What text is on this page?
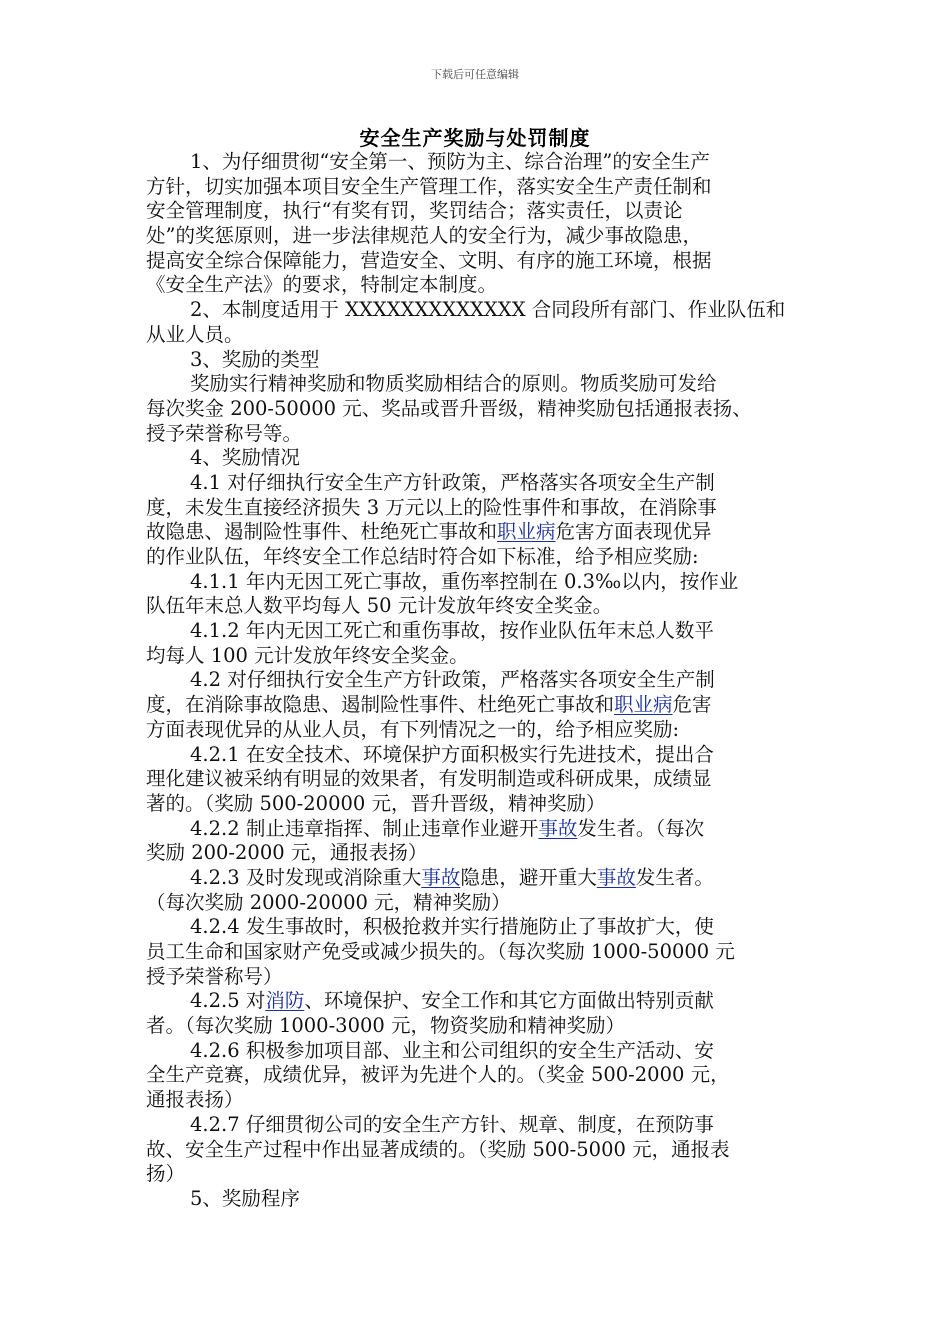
下载后可任意编辑
安全生产奖励与处罚制度
1、为仔细贯彻“安全第一、预防为主、综合治理”的安全生产
方针，切实加强本项目安全生产管理工作，落实安全生产责任制和
安全管理制度，执行“有奖有罚，奖罚结合；落实责任，以责论
处”的奖惩原则，进一步法律规范人的安全行为，减少事故隐患，
提高安全综合保障能力，营造安全、文明、有序的施工环境，根据
《安全生产法》的要求，特制定本制度。
2、本制度适用于 XXXXXXXXXXXXX 合同段所有部门、作业队伍和
从业人员。
3、奖励的类型
奖励实行精神奖励和物质奖励相结合的原则。物质奖励可发给
每次奖金 200-50000 元、奖品或晋升晋级，精神奖励包括通报表扬、
授予荣誉称号等。
4、奖励情况
4.1 对仔细执行安全生产方针政策，严格落实各项安全生产制
度，未发生直接经济损失 3 万元以上的险性事件和事故，在消除事
故隐患、遏制险性事件、杜绝死亡事故和职业病危害方面表现优异
的作业队伍，年终安全工作总结时符合如下标准，给予相应奖励:
4.1.1 年内无因工死亡事故，重伤率控制在 0.3‰以内，按作业
队伍年末总人数平均每人 50 元计发放年终安全奖金。
4.1.2 年内无因工死亡和重伤事故，按作业队伍年末总人数平
均每人 100 元计发放年终安全奖金。
4.2 对仔细执行安全生产方针政策，严格落实各项安全生产制
度，在消除事故隐患、遏制险性事件、杜绝死亡事故和职业病危害
方面表现优异的从业人员，有下列情况之一的，给予相应奖励:
4.2.1 在安全技术、环境保护方面积极实行先进技术，提出合
理化建议被采纳有明显的效果者，有发明制造或科研成果，成绩显
著的。（奖励 500-20000 元，晋升晋级，精神奖励）
4.2.2 制止违章指挥、制止违章作业避开事故发生者。（每次
奖励 200-2000 元，通报表扬）
4.2.3 及时发现或消除重大事故隐患，避开重大事故发生者。
（每次奖励 2000-20000 元，精神奖励）
4.2.4 发生事故时，积极抢救并实行措施防止了事故扩大，使
员工生命和国家财产免受或减少损失的。（每次奖励 1000-50000 元
授予荣誉称号）
4.2.5 对消防、环境保护、安全工作和其它方面做出特别贡献
者。（每次奖励 1000-3000 元，物资奖励和精神奖励）
4.2.6 积极参加项目部、业主和公司组织的安全生产活动、安
全生产竞赛，成绩优异，被评为先进个人的。（奖金 500-2000 元，
通报表扬）
4.2.7 仔细贯彻公司的安全生产方针、规章、制度，在预防事
故、安全生产过程中作出显著成绩的。（奖励 500-5000 元，通报表
扬）
5、奖励程序
